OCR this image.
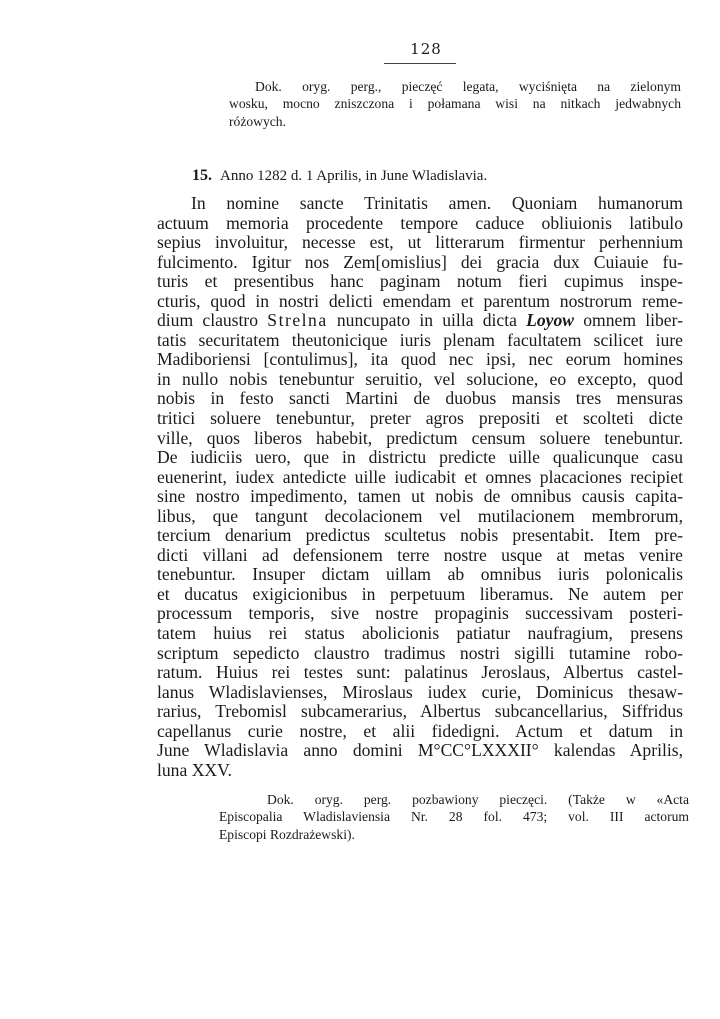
128
Dok. oryg. perg., pieczęć legata, wyciśnięta na zielonym
wosku, mocno zniszczona i połamana wisi na nitkach jedwabnych
różowych.
15. Anno 1282 d. 1 Aprilis, in June Wladislavia.
In nomine sancte Trinitatis amen. Quoniam humanorum
actuum memoria procedente tempore caduce obliuionis latibulo
sepius involuitur, necesse est, ut litterarum firmentur perhennium
fulcimento. Igitur nos Zem[omislius] dei gracia dux Cuiauie fu-
turis et presentibus hanc paginam notum fieri cupimus inspe-
cturis, quod in nostri delicti emendam et parentum nostrorum reme-
dium claustro Strelna nuncupato in uilla dicta Loyow omnem liber-
tatis securitatem theutonicique iuris plenam facultatem scilicet iure
Madiboriensi [contulimus], ita quod nec ipsi, nec eorum homines
in nullo nobis tenebuntur seruitio, vel solucione, eo excepto, quod
nobis in festo sancti Martini de duobus mansis tres mensuras
tritici soluere tenebuntur, preter agros prepositi et scolteti dicte
ville, quos liberos habebit, predictum censum soluere tenebuntur.
De iudiciis uero, que in districtu predicte uille qualicunque casu
euenerint, iudex antedicte uille iudicabit et omnes placaciones recipiet
sine nostro impedimento, tamen ut nobis de omnibus causis capita-
libus, que tangunt decolacionem vel mutilacionem membrorum,
tercium denarium predictus scultetus nobis presentabit. Item pre-
dicti villani ad defensionem terre nostre usque at metas venire
tenebuntur. Insuper dictam uillam ab omnibus iuris polonicalis
et ducatus exigicionibus in perpetuum liberamus. Ne autem per
processum temporis, sive nostre propaginis successivam posteri-
tatem huius rei status abolicionis patiatur naufragium, presens
scriptum sepedicto claustro tradimus nostri sigilli tutamine robo-
ratum. Huius rei testes sunt: palatinus Jeroslaus, Albertus castel-
lanus Wladislavienses, Miroslaus iudex curie, Dominicus thesaw-
rarius, Trebomisl subcamerarius, Albertus subcancellarius, Siffridus
capellanus curie nostre, et alii fidedigni. Actum et datum in
June Wladislavia anno domini M°CC°LXXXII° kalendas Aprilis,
luna XXV.
Dok. oryg. perg. pozbawiony pieczęci. (Także w «Acta
Episcopalia Wladislaviensia Nr. 28 fol. 473; vol. III actorum
Episcopi Rozdrażewski).
